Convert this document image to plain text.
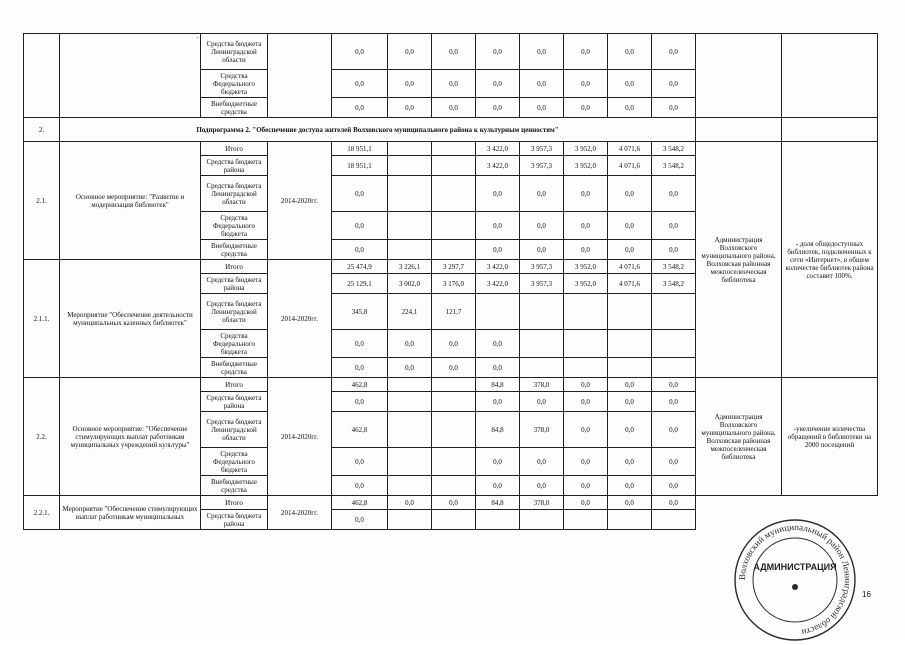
	·	Средства бюджета Ленинградской области		0,0	0,0	0,0	0,0	0,0	0,0	0,0	0,0		
		Средства Федерального бюджета		0,0	0,0	0,0	0,0	0,0	0,0	0,0	0,0		
		Внебюджетные средства		0,0	0,0	0,0	0,0	0,0	0,0	0,0	0,0		
2.	Подпрограмма 2. "Обеспечение доступа жителей Волховского муниципального района к культурным ценностям"												
2.1.	Основное мероприятие: "Развитие и модернизация библиотек"	Итого	2014-2020гг.	18 951,1			3 422,0	3 957,3	3 952,0	4 071,6	3 548,2	Администрация Волховского муниципального района, Волховская районная межпоселенческая библиотека	- доля общедоступных библиотек, подключенных к сети «Интернет», в общем количестве библиотек района составит 100%.
		Средства бюджета района		18 951,1			3 422,0	3 957,3	3 952,0	4 071,6	3 548,2		
		Средства бюджета Ленинградской области		0,0			0,0	0,0	0,0	0,0	0,0		
		Средства Федерального бюджета		0,0			0,0	0,0	0,0	0,0	0,0		
		Внебюджетные средства		0,0			0,0	0,0	0,0	0,0	0,0		
2.1.1.	Мероприятие "Обеспечение деятельности муниципальных казенных библиотек"	Итого	2014-2020гг.	25 474,9	3 226,1	3 297,7	3 422,0	3 957,3	3 952,0	4 071,6	3 548,2		
		Средства бюджета района		25 129,1	3 002,0	3 176,0	3 422,0	3 957,3	3 952,0	4 071,6	3 548,2		
		Средства бюджета Ленинградской области		345,8	224,1	121,7							
		Средства Федерального бюджета		0,0	0,0	0,0	0,0						
		Внебюджетные средства		0,0	0,0	0,0	0,0						
2.2.	Основное мероприятие: "Обеспечение стимулирующих выплат работникам муниципальных учреждений культуры"	Итого	2014-2020гг.	462,8			84,8	378,0	0,0	0,0	0,0	Администрация Волховского муниципального района, Волховская районная межпоселенческая библиотека	-увеличение количества обращений в библиотеки на 2000 посещений
		Средства бюджета района		0,0			0,0	0,0	0,0	0,0	0,0		
		Средства бюджета Ленинградской области		462,8			84,8	378,0	0,0	0,0	0,0		
		Средства Федерального бюджета		0,0			0,0	0,0	0,0	0,0	0,0		
		Внебюджетные средства		0,0			0,0	0,0	0,0	0,0	0,0		
2.2.1.	Мероприятие "Обеспечение стимулирующих выплат работникам муниципальных	Итого	2014-2020гг.	462,8	0,0	0,0	84,8	378,0	0,0	0,0	0,0		
		Средства бюджета района		0,0									
Волховский муниципальный район Ленинградской области
АДМИНИСТРАЦИЯ
16
